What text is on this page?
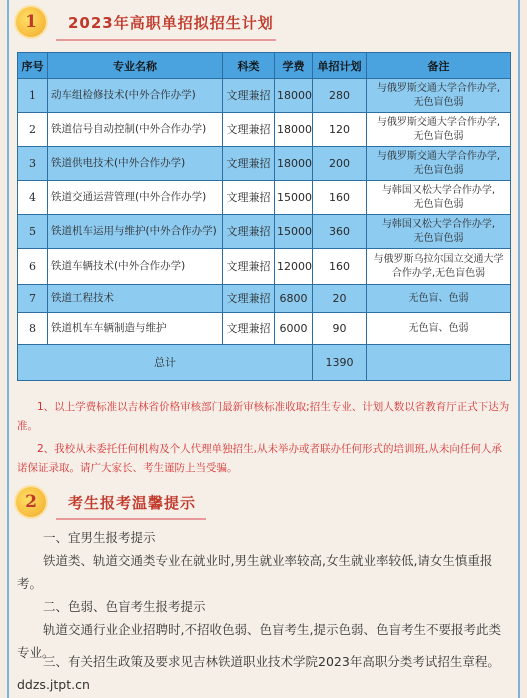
1	2023年高职单招拟招生计划
序号	专业名称	科类	学费	单招计划	备注
1	动车组检修技术(中外合作办学)	文理兼招	18000	280	与俄罗斯交通大学合作办学,
无色盲色弱
2	铁道信号自动控制(中外合作办学)	文理兼招	18000	120	与俄罗斯交通大学合作办学,
无色盲色弱
3	铁道供电技术(中外合作办学)	文理兼招	18000	200	与俄罗斯交通大学合作办学,
无色盲色弱
4	铁道交通运营管理(中外合作办学)	文理兼招	15000	160	与韩国又松大学合作办学,
无色盲色弱
5	铁道机车运用与维护(中外合作办学)	文理兼招	15000	360	与韩国又松大学合作办学,
无色盲色弱
6	铁道车辆技术(中外合作办学)	文理兼招	12000	160	与俄罗斯乌拉尔国立交通大学
合作办学,无色盲色弱
7	铁道工程技术	文理兼招	6800	20	无色盲、色弱
8	铁道机车车辆制造与维护	文理兼招	6000	90	无色盲、色弱
总计				1390	
1、以上学费标准以吉林省价格审核部门最新审核标准收取;招生专业、计划人数以省教育厅正式下达为准。
2、我校从未委托任何机构及个人代理单独招生,从未举办或者联办任何形式的培训班,从未向任何人承诺保证录取。请广大家长、考生谨防上当受骗。
2	考生报考温馨提示
一、宜男生报考提示
铁道类、轨道交通类专业在就业时,男生就业率较高,女生就业率较低,请女生慎重报考。
二、色弱、色盲考生报考提示
轨道交通行业企业招聘时,不招收色弱、色盲考生,提示色弱、色盲考生不要报考此类专业。
三、有关招生政策及要求见吉林铁道职业技术学院2023年高职分类考试招生章程。ddzs.jtpt.cn
